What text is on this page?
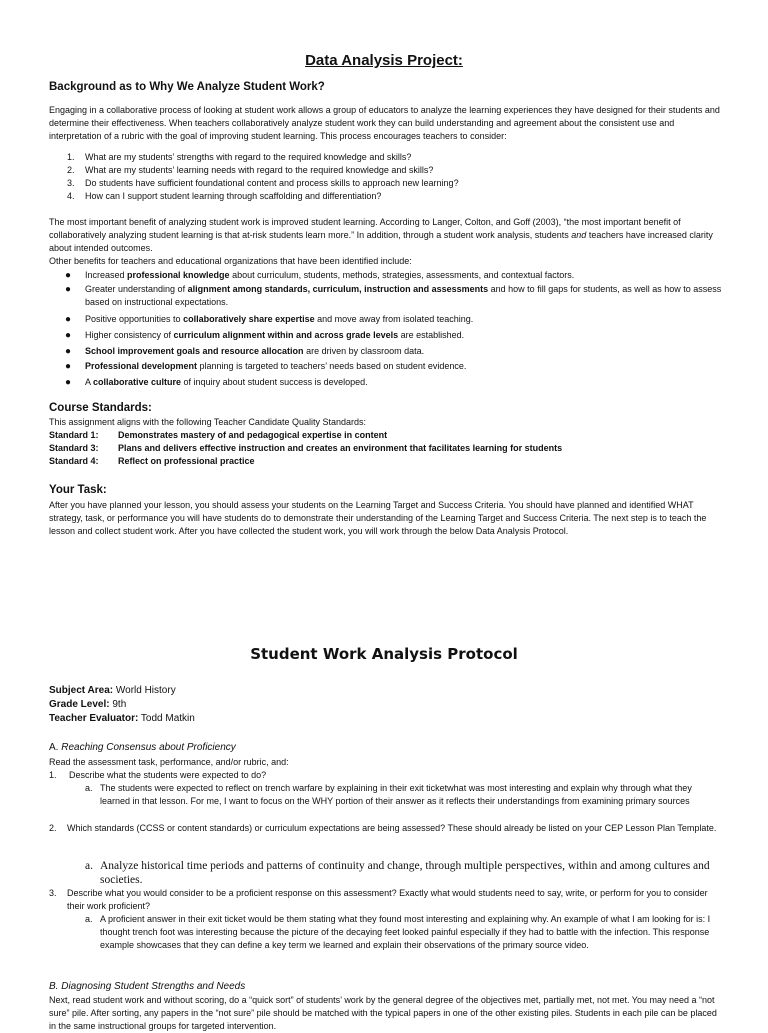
Data Analysis Project:
Background as to Why We Analyze Student Work?
Engaging in a collaborative process of looking at student work allows a group of educators to analyze the learning experiences they have designed for their students and determine their effectiveness. When teachers collaboratively analyze student work they can build understanding and agreement about the consistent use and interpretation of a rubric with the goal of improving student learning. This process encourages teachers to consider:
1. What are my students’ strengths with regard to the required knowledge and skills?
2. What are my students’ learning needs with regard to the required knowledge and skills?
3. Do students have sufficient foundational content and process skills to approach new learning?
4. How can I support student learning through scaffolding and differentiation?
The most important benefit of analyzing student work is improved student learning. According to Langer, Colton, and Goff (2003), “the most important benefit of collaboratively analyzing student learning is that at-risk students learn more.” In addition, through a student work analysis, students and teachers have increased clarity about intended outcomes.
Other benefits for teachers and educational organizations that have been identified include:
● Increased professional knowledge about curriculum, students, methods, strategies, assessments, and contextual factors.
● Greater understanding of alignment among standards, curriculum, instruction and assessments and how to fill gaps for students, as well as how to assess based on instructional expectations.
● Positive opportunities to collaboratively share expertise and move away from isolated teaching.
● Higher consistency of curriculum alignment within and across grade levels are established.
● School improvement goals and resource allocation are driven by classroom data.
● Professional development planning is targeted to teachers’ needs based on student evidence.
● A collaborative culture of inquiry about student success is developed.
Course Standards:
This assignment aligns with the following Teacher Candidate Quality Standards:
Standard 1: Demonstrates mastery of and pedagogical expertise in content
Standard 3: Plans and delivers effective instruction and creates an environment that facilitates learning for students
Standard 4: Reflect on professional practice
Your Task:
After you have planned your lesson, you should assess your students on the Learning Target and Success Criteria. You should have planned and identified WHAT strategy, task, or performance you will have students do to demonstrate their understanding of the Learning Target and Success Criteria. The next step is to teach the lesson and collect student work. After you have collected the student work, you will work through the below Data Analysis Protocol.
Student Work Analysis Protocol
Subject Area: World History
Grade Level: 9th
Teacher Evaluator: Todd Matkin
A. Reaching Consensus about Proficiency
Read the assessment task, performance, and/or rubric, and:
1.	Describe what the students were expected to do?
a. The students were expected to reflect on trench warfare by explaining in their exit ticketwhat was most interesting and explain why through what they learned in that lesson. For me, I want to focus on the WHY portion of their answer as it reflects their understandings from examining primary sources
2.	Which standards (CCSS or content standards) or curriculum expectations are being assessed? These should already be listed on your CEP Lesson Plan Template.
a. Analyze historical time periods and patterns of continuity and change, through multiple perspectives, within and among cultures and societies.
3.	Describe what you would consider to be a proficient response on this assessment? Exactly what would students need to say, write, or perform for you to consider their work proficient?
a. A proficient answer in their exit ticket would be them stating what they found most interesting and explaining why. An example of what I am looking for is: I thought trench foot was interesting because the picture of the decaying feet looked painful especially if they had to battle with the infection. This response example showcases that they can define a key term we learned and explain their observations of the primary source video.
B. Diagnosing Student Strengths and Needs
Next, read student work and without scoring, do a “quick sort” of students’ work by the general degree of the objectives met, partially met, not met. You may need a “not sure” pile. After sorting, any papers in the “not sure” pile should be matched with the typical papers in one of the other existing piles. Students in each pile can be placed in the same instructional groups for targeted intervention.
